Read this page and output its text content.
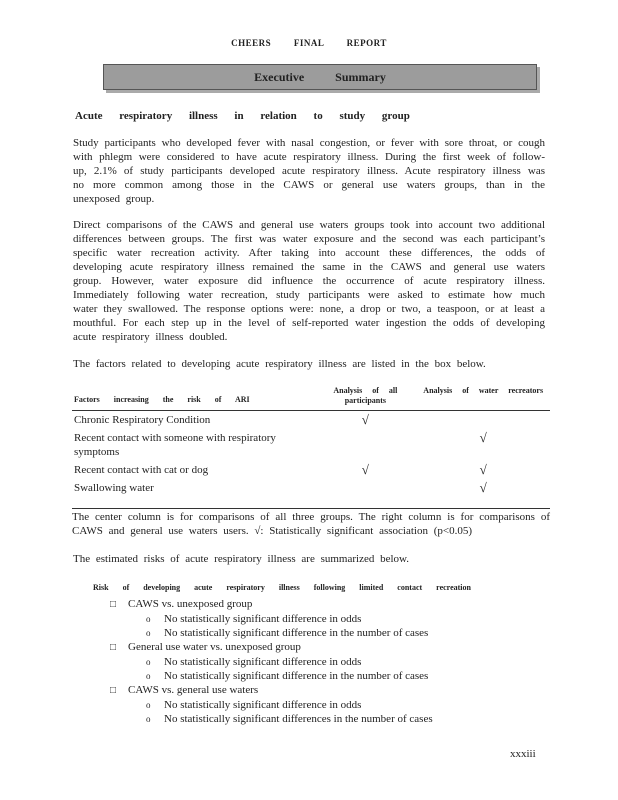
CHEERS FINAL REPORT
Executive Summary
Acute respiratory illness in relation to study group

Study participants who developed fever with nasal congestion, or fever with sore throat, or cough with phlegm were considered to have acute respiratory illness. During the first week of follow-up, 2.1% of study participants developed acute respiratory illness. Acute respiratory illness was no more common among those in the CAWS or general use waters groups, than in the unexposed group.

Direct comparisons of the CAWS and general use waters groups took into account two additional differences between groups. The first was water exposure and the second was each participant’s specific water recreation activity. After taking into account these differences, the odds of developing acute respiratory illness remained the same in the CAWS and general use waters group. However, water exposure did influence the occurrence of acute respiratory illness. Immediately following water recreation, study participants were asked to estimate how much water they swallowed. The response options were: none, a drop or two, a teaspoon, or at least a mouthful. For each step up in the level of self-reported water ingestion the odds of developing acute respiratory illness doubled.

The factors related to developing acute respiratory illness are listed in the box below.

Factors increasing the risk of ARI	Analysis of all participants	Analysis of water recreators
Chronic Respiratory Condition	√	
Recent contact with someone with respiratory symptoms		√
Recent contact with cat or dog	√	√
Swallowing water		√
The center column is for comparisons of all three groups. The right column is for comparisons of CAWS and general use waters users. √: Statistically significant association (p<0.05)

The estimated risks of acute respiratory illness are summarized below.

Risk of developing acute respiratory illness following limited contact recreation
□ CAWS vs. unexposed group
o No statistically significant difference in odds
o No statistically significant difference in the number of cases
□ General use water vs. unexposed group
o No statistically significant difference in odds
o No statistically significant difference in the number of cases
□ CAWS vs. general use waters
o No statistically significant difference in odds
o No statistically significant differences in the number of cases
xxxiii
